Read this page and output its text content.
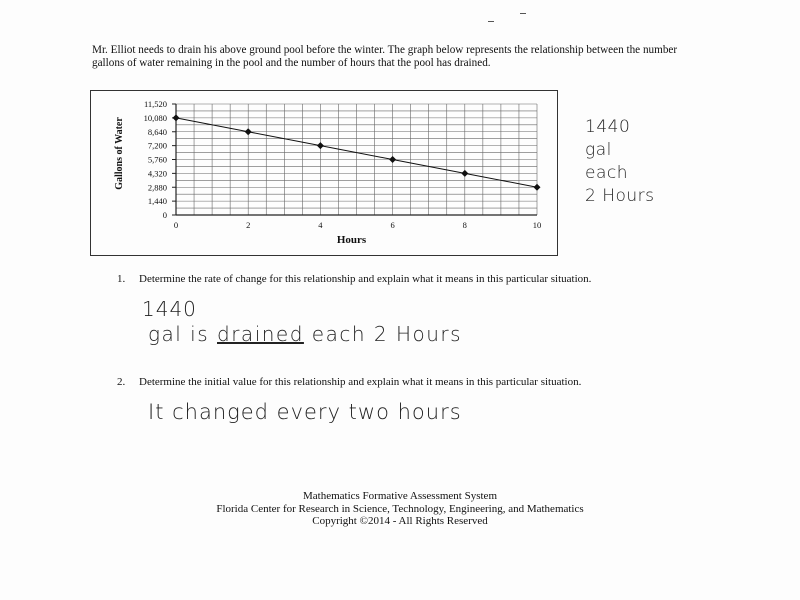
Mr. Elliot needs to drain his above ground pool before the winter. The graph below represents the relationship between the number gallons of water remaining in the pool and the number of hours that the pool has drained.
0
1,440
2,880
4,320
5,760
7,200
8,640
10,080
11,520
0	2	4	6	8	10
Hours
Gallons of Water	1440
gal
each
2 Hours
1. Determine the rate of change for this relationship and explain what it means in this particular situation.
1440
gal is drained each 2 Hours
2. Determine the initial value for this relationship and explain what it means in this particular situation.
It changed every two hours
Mathematics Formative Assessment System
Florida Center for Research in Science, Technology, Engineering, and Mathematics
Copyright ©2014 - All Rights Reserved
